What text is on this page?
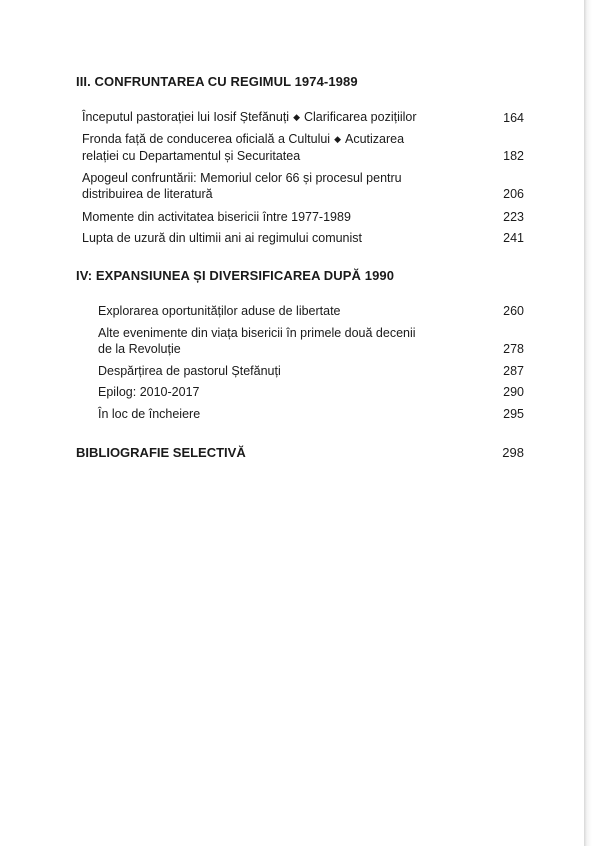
III. CONFRUNTAREA CU REGIMUL 1974-1989
Începutul pastorației lui Iosif Ștefănuți ◆ Clarificarea pozițiilor	164
Fronda față de conducerea oficială a Cultului ◆ Acutizarea
relației cu Departamentul și Securitatea	182
Apogeul confruntării: Memoriul celor 66 și procesul pentru
distribuirea de literatură	206
Momente din activitatea bisericii între 1977-1989	223
Lupta de uzură din ultimii ani ai regimului comunist	241
IV: EXPANSIUNEA ȘI DIVERSIFICAREA DUPĂ 1990
Explorarea oportunităților aduse de libertate	260
Alte evenimente din viața bisericii în primele două decenii
de la Revoluție	278
Despărțirea de pastorul Ștefănuți	287
Epilog: 2010-2017	290
În loc de încheiere	295
BIBLIOGRAFIE SELECTIVĂ	298
